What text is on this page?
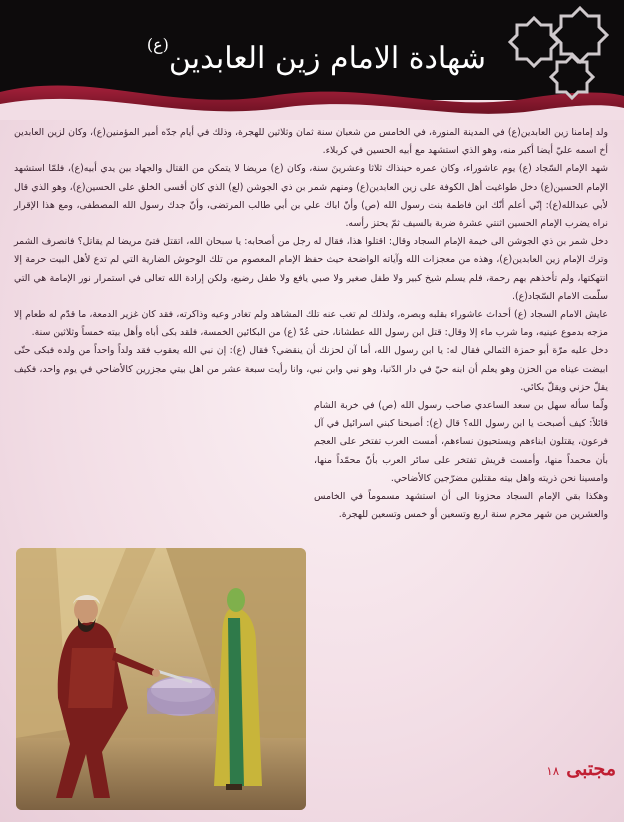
شهادة الامام زين العابدين$^{(ع)}$

ولد إمامنا زين العابدين(ع) في المدينة المنورة، في الخامس من شعبان سنة ثمان وثلاثين للهجرة، وذلك في أيام جدّه أمير المؤمنين(ع)، وكان لزين العابدين أخ اسمه عليّ أيضا أكبر منه، وهو الذي استشهد مع أبيه الحسين في كربلاء.

شهد الإمام السّجاد (ع) يوم عاشوراء، وكان عمره حينذاك ثلاثا وعشرينَ سنة، وكان (ع) مريضا لا يتمكن من القتال والجهاد بين يدي أبيه(ع)، فلمّا استشهد الإمام الحسين(ع) دخل طواغيت أهل الكوفة على زين العابدين(ع) ومنهم شمر بن ذي الجوشن (لع) الذي كان أقسى الخلق على الحسين(ع)، وهو الذي قال لأبي عبدالله(ع): إنّي أعلم أنّك ابن فاطمة بنت رسول الله (ص) وأنّ اباك علي بن أبي طالب المرتضى، وأنّ جدك رسول الله المصطفى، ومع هذا الإقرار نراه يضرب الإمام الحسين اثنتي عشرة ضربة بالسيف ثمّ يحتز رأسه.

دخل شمر بن ذي الجوشن الى خيمة الإمام السجاد وقال: اقتلوا هذا، فقال له رجل من أصحابه: يا سبحان الله، اتقتل فتىً مريضا لم يقاتل؟ فانصرف الشمر وترك الإمام زين العابدين(ع)، وهذه من معجزات الله وآياته الواضحة حيث حفظ الإمام المعصوم من تلك الوحوش الضارية التي لم تدع لأهل البيت حرمة إلا انتهكتها، ولم تأخذهم بهم رحمة، فلم يسلم شيخ كبير ولا طفل صغير ولا صبي يافع ولا طفل رضيع، ولكن إرادة الله تعالى في استمرار نور الإمامة هي التي سلّمت الامام السّجاد(ع).

عايش الامام السجاد (ع) أحداث عاشوراء بقلبه وبصره، ولذلك لم تغب عنه تلك المشاهد ولم تغادر وعيه وذاكرته، فقد كان غزير الدمعة، ما قدّم له طعام إلا مزجه بدموع عينيه، وما شرب ماء إلا وقال: قتل ابن رسول الله عطشانا، حتى عُدّ (ع) من البكائين الخمسة، فلقد بكى أباه وأهل بيته خمساً وثلاثين سنة.

دخل عليه مرّة أبو حمزة الثمالي فقال له: يا ابن رسول الله، أما آن لحزنك أن ينقضي؟ فقال (ع): إن نبي الله يعقوب فقد ولداً واحداً من ولده فبكى حتّى ابيضت عيناه من الحزن وهو يعلم أن ابنه حيّ في دار الدّنيا، وهو نبي وابن نبي، وانا رأيت سبعة عشر من اهل بيتي مجزرين كالأضاحي في يوم واحد، فكيف يقلّ حزني ويقلّ بكائي.

ولّما سأله سهل بن سعد الساعدي صاحب رسول الله (ص) في خربة الشام قائلاً: كيف أصبحت يا ابن رسول الله؟ قال (ع): أصبحنا كبني اسرائيل في آل فرعون، يقتلون ابناءهم ويستحيون نساءهم، أمست العرب تفتخر على العجم بأن محمداً منها، وأمست قريش تفتخر على سائر العرب بأنّ محمّداً منها، وامسينا نحن ذريته واهل بيته مقتلين مضرّجين كالأضاحي.

وهكذا بقي الإمام السجاد محزونا الى أن استشهد مسموماً في الخامس والعشرين من شهر محرم سنة اربع وتسعين أو خمس وتسعين للهجرة.

مجتبى ١٨
